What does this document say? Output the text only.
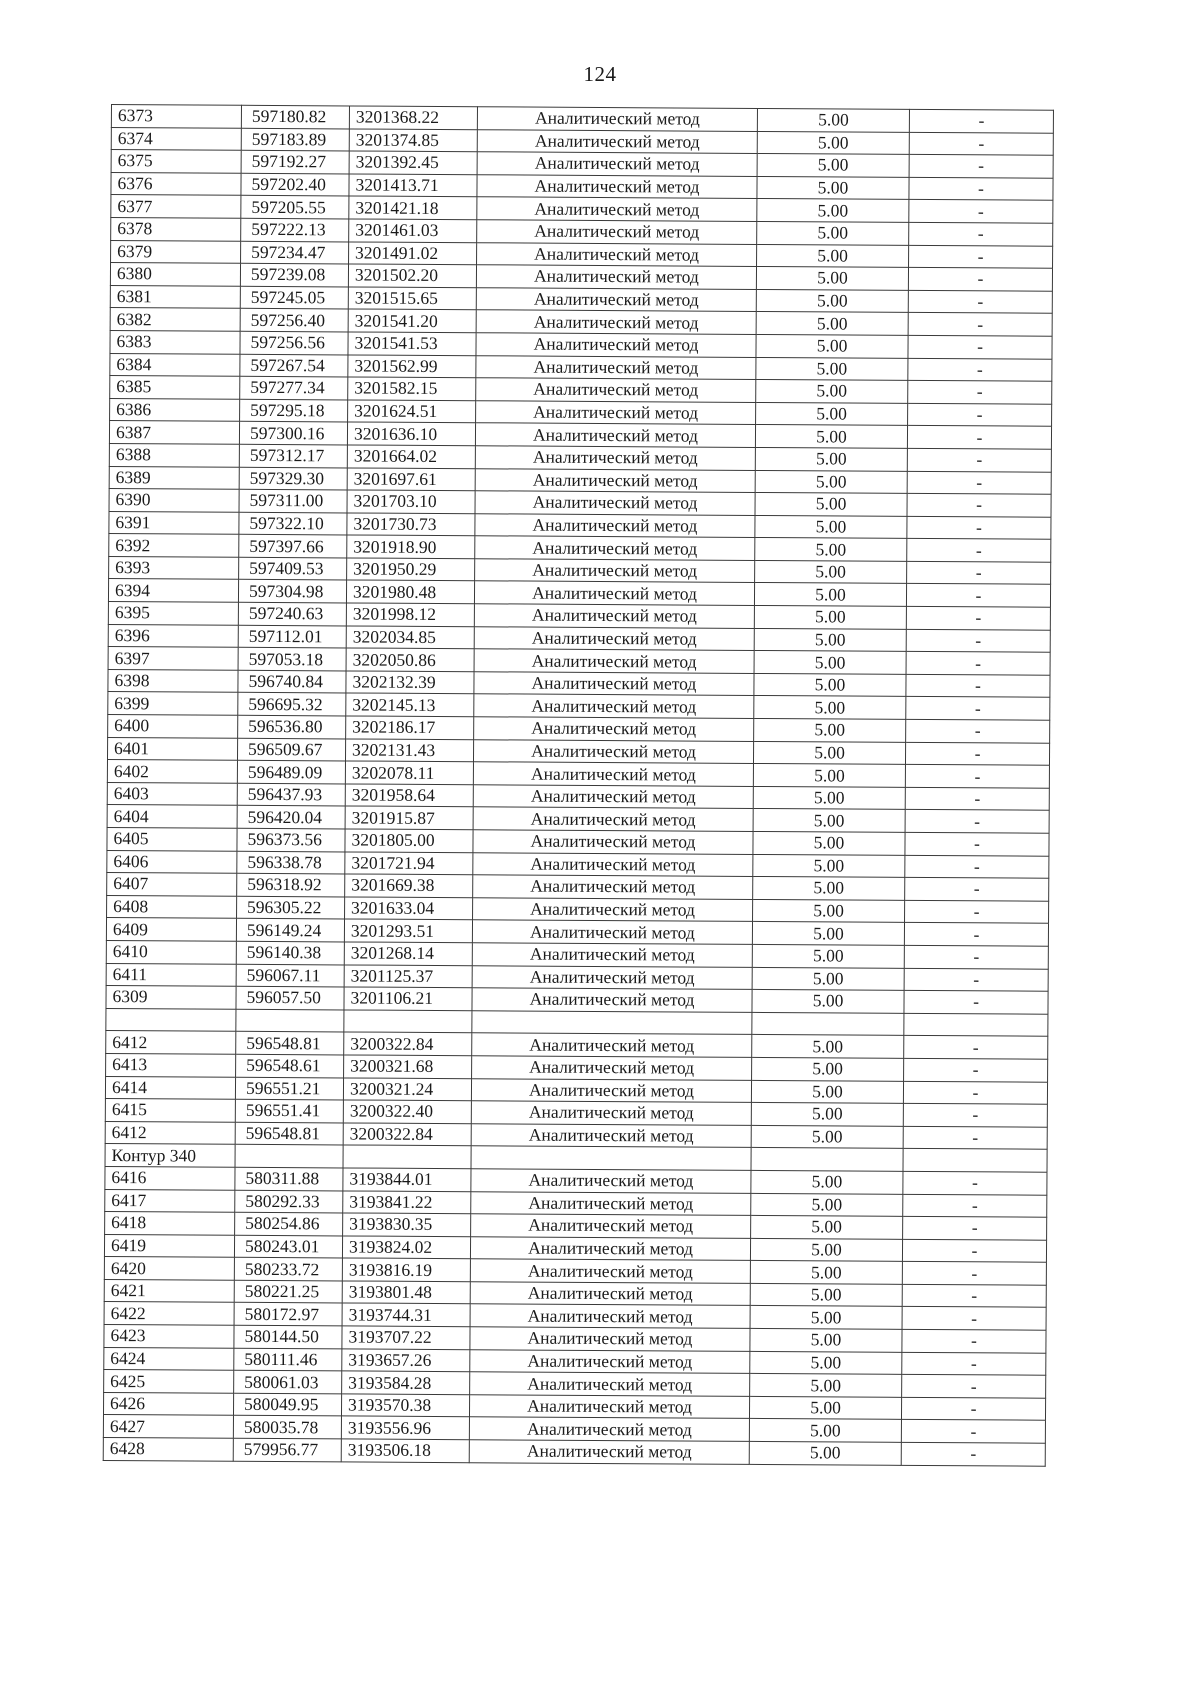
124
6373	597180.82	3201368.22	Аналитический метод	5.00	-
6374	597183.89	3201374.85	Аналитический метод	5.00	-
6375	597192.27	3201392.45	Аналитический метод	5.00	-
6376	597202.40	3201413.71	Аналитический метод	5.00	-
6377	597205.55	3201421.18	Аналитический метод	5.00	-
6378	597222.13	3201461.03	Аналитический метод	5.00	-
6379	597234.47	3201491.02	Аналитический метод	5.00	-
6380	597239.08	3201502.20	Аналитический метод	5.00	-
6381	597245.05	3201515.65	Аналитический метод	5.00	-
6382	597256.40	3201541.20	Аналитический метод	5.00	-
6383	597256.56	3201541.53	Аналитический метод	5.00	-
6384	597267.54	3201562.99	Аналитический метод	5.00	-
6385	597277.34	3201582.15	Аналитический метод	5.00	-
6386	597295.18	3201624.51	Аналитический метод	5.00	-
6387	597300.16	3201636.10	Аналитический метод	5.00	-
6388	597312.17	3201664.02	Аналитический метод	5.00	-
6389	597329.30	3201697.61	Аналитический метод	5.00	-
6390	597311.00	3201703.10	Аналитический метод	5.00	-
6391	597322.10	3201730.73	Аналитический метод	5.00	-
6392	597397.66	3201918.90	Аналитический метод	5.00	-
6393	597409.53	3201950.29	Аналитический метод	5.00	-
6394	597304.98	3201980.48	Аналитический метод	5.00	-
6395	597240.63	3201998.12	Аналитический метод	5.00	-
6396	597112.01	3202034.85	Аналитический метод	5.00	-
6397	597053.18	3202050.86	Аналитический метод	5.00	-
6398	596740.84	3202132.39	Аналитический метод	5.00	-
6399	596695.32	3202145.13	Аналитический метод	5.00	-
6400	596536.80	3202186.17	Аналитический метод	5.00	-
6401	596509.67	3202131.43	Аналитический метод	5.00	-
6402	596489.09	3202078.11	Аналитический метод	5.00	-
6403	596437.93	3201958.64	Аналитический метод	5.00	-
6404	596420.04	3201915.87	Аналитический метод	5.00	-
6405	596373.56	3201805.00	Аналитический метод	5.00	-
6406	596338.78	3201721.94	Аналитический метод	5.00	-
6407	596318.92	3201669.38	Аналитический метод	5.00	-
6408	596305.22	3201633.04	Аналитический метод	5.00	-
6409	596149.24	3201293.51	Аналитический метод	5.00	-
6410	596140.38	3201268.14	Аналитический метод	5.00	-
6411	596067.11	3201125.37	Аналитический метод	5.00	-
6309	596057.50	3201106.21	Аналитический метод	5.00	-

6412	596548.81	3200322.84	Аналитический метод	5.00	-
6413	596548.61	3200321.68	Аналитический метод	5.00	-
6414	596551.21	3200321.24	Аналитический метод	5.00	-
6415	596551.41	3200322.40	Аналитический метод	5.00	-
6412	596548.81	3200322.84	Аналитический метод	5.00	-
Контур 340					
6416	580311.88	3193844.01	Аналитический метод	5.00	-
6417	580292.33	3193841.22	Аналитический метод	5.00	-
6418	580254.86	3193830.35	Аналитический метод	5.00	-
6419	580243.01	3193824.02	Аналитический метод	5.00	-
6420	580233.72	3193816.19	Аналитический метод	5.00	-
6421	580221.25	3193801.48	Аналитический метод	5.00	-
6422	580172.97	3193744.31	Аналитический метод	5.00	-
6423	580144.50	3193707.22	Аналитический метод	5.00	-
6424	580111.46	3193657.26	Аналитический метод	5.00	-
6425	580061.03	3193584.28	Аналитический метод	5.00	-
6426	580049.95	3193570.38	Аналитический метод	5.00	-
6427	580035.78	3193556.96	Аналитический метод	5.00	-
6428	579956.77	3193506.18	Аналитический метод	5.00	-
